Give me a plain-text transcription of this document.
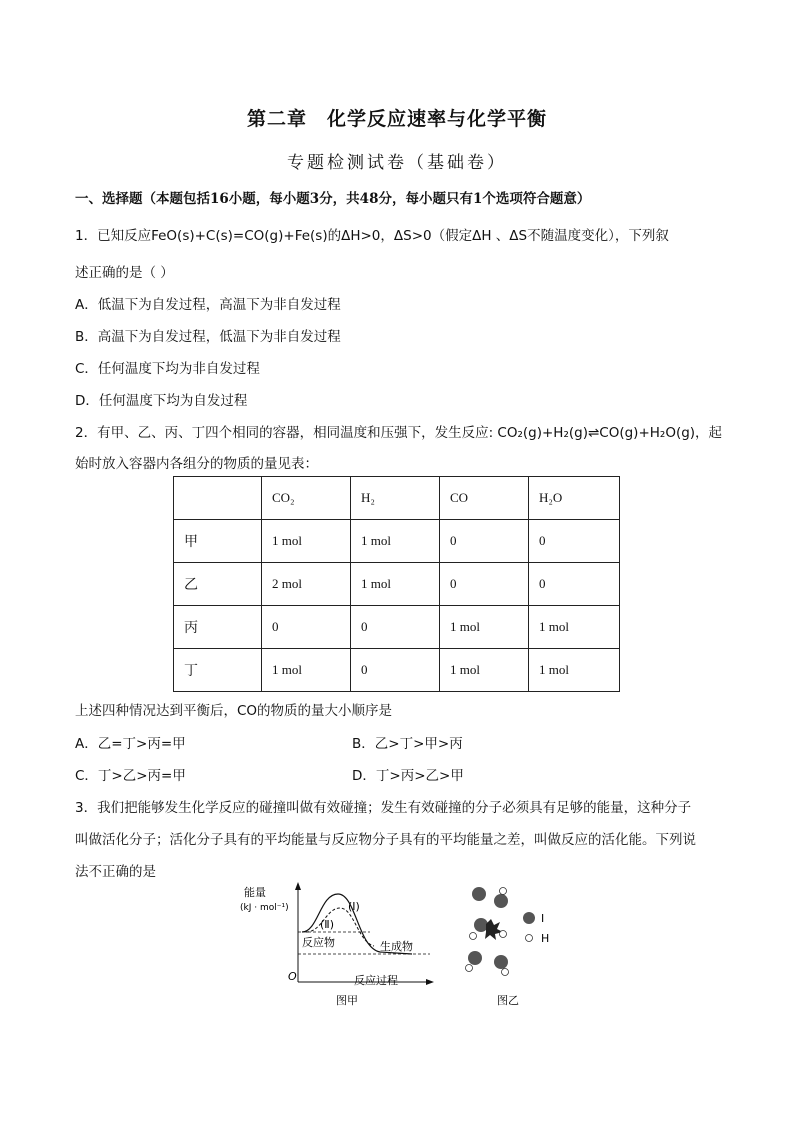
第二章　化学反应速率与化学平衡
专题检测试卷（基础卷）
一、选择题（本题包括16小题，每小题3分，共48分，每小题只有1个选项符合题意）
1．已知反应FeO(s)+C(s)=CO(g)+Fe(s)的ΔH>0，ΔS>0（假定ΔH 、ΔS不随温度变化），下列叙
述正确的是（ ）
A．低温下为自发过程，高温下为非自发过程
B．高温下为自发过程，低温下为非自发过程
C．任何温度下均为非自发过程
D．任何温度下均为自发过程
2．有甲、乙、丙、丁四个相同的容器，相同温度和压强下，发生反应: CO₂(g)+H₂(g)⇌CO(g)+H₂O(g)，起
始时放入容器内各组分的物质的量见表：
	CO₂	H₂	CO	H₂O
甲	1 mol	1 mol	0	0
乙	2 mol	1 mol	0	0
丙	0	0	1 mol	1 mol
丁	1 mol	0	1 mol	1 mol
上述四种情况达到平衡后，CO的物质的量大小顺序是
A．乙=丁>丙=甲	B．乙>丁>甲>丙
C．丁>乙>丙=甲	D．丁>丙>乙>甲
3．我们把能够发生化学反应的碰撞叫做有效碰撞；发生有效碰撞的分子必须具有足够的能量，这种分子
叫做活化分子；活化分子具有的平均能量与反应物分子具有的平均能量之差，叫做反应的活化能。下列说
法不正确的是
能量
(kJ · mol⁻¹)	(Ⅰ)
(Ⅱ)
反应物	生成物
O	反应过程
图甲
I
H
图乙
